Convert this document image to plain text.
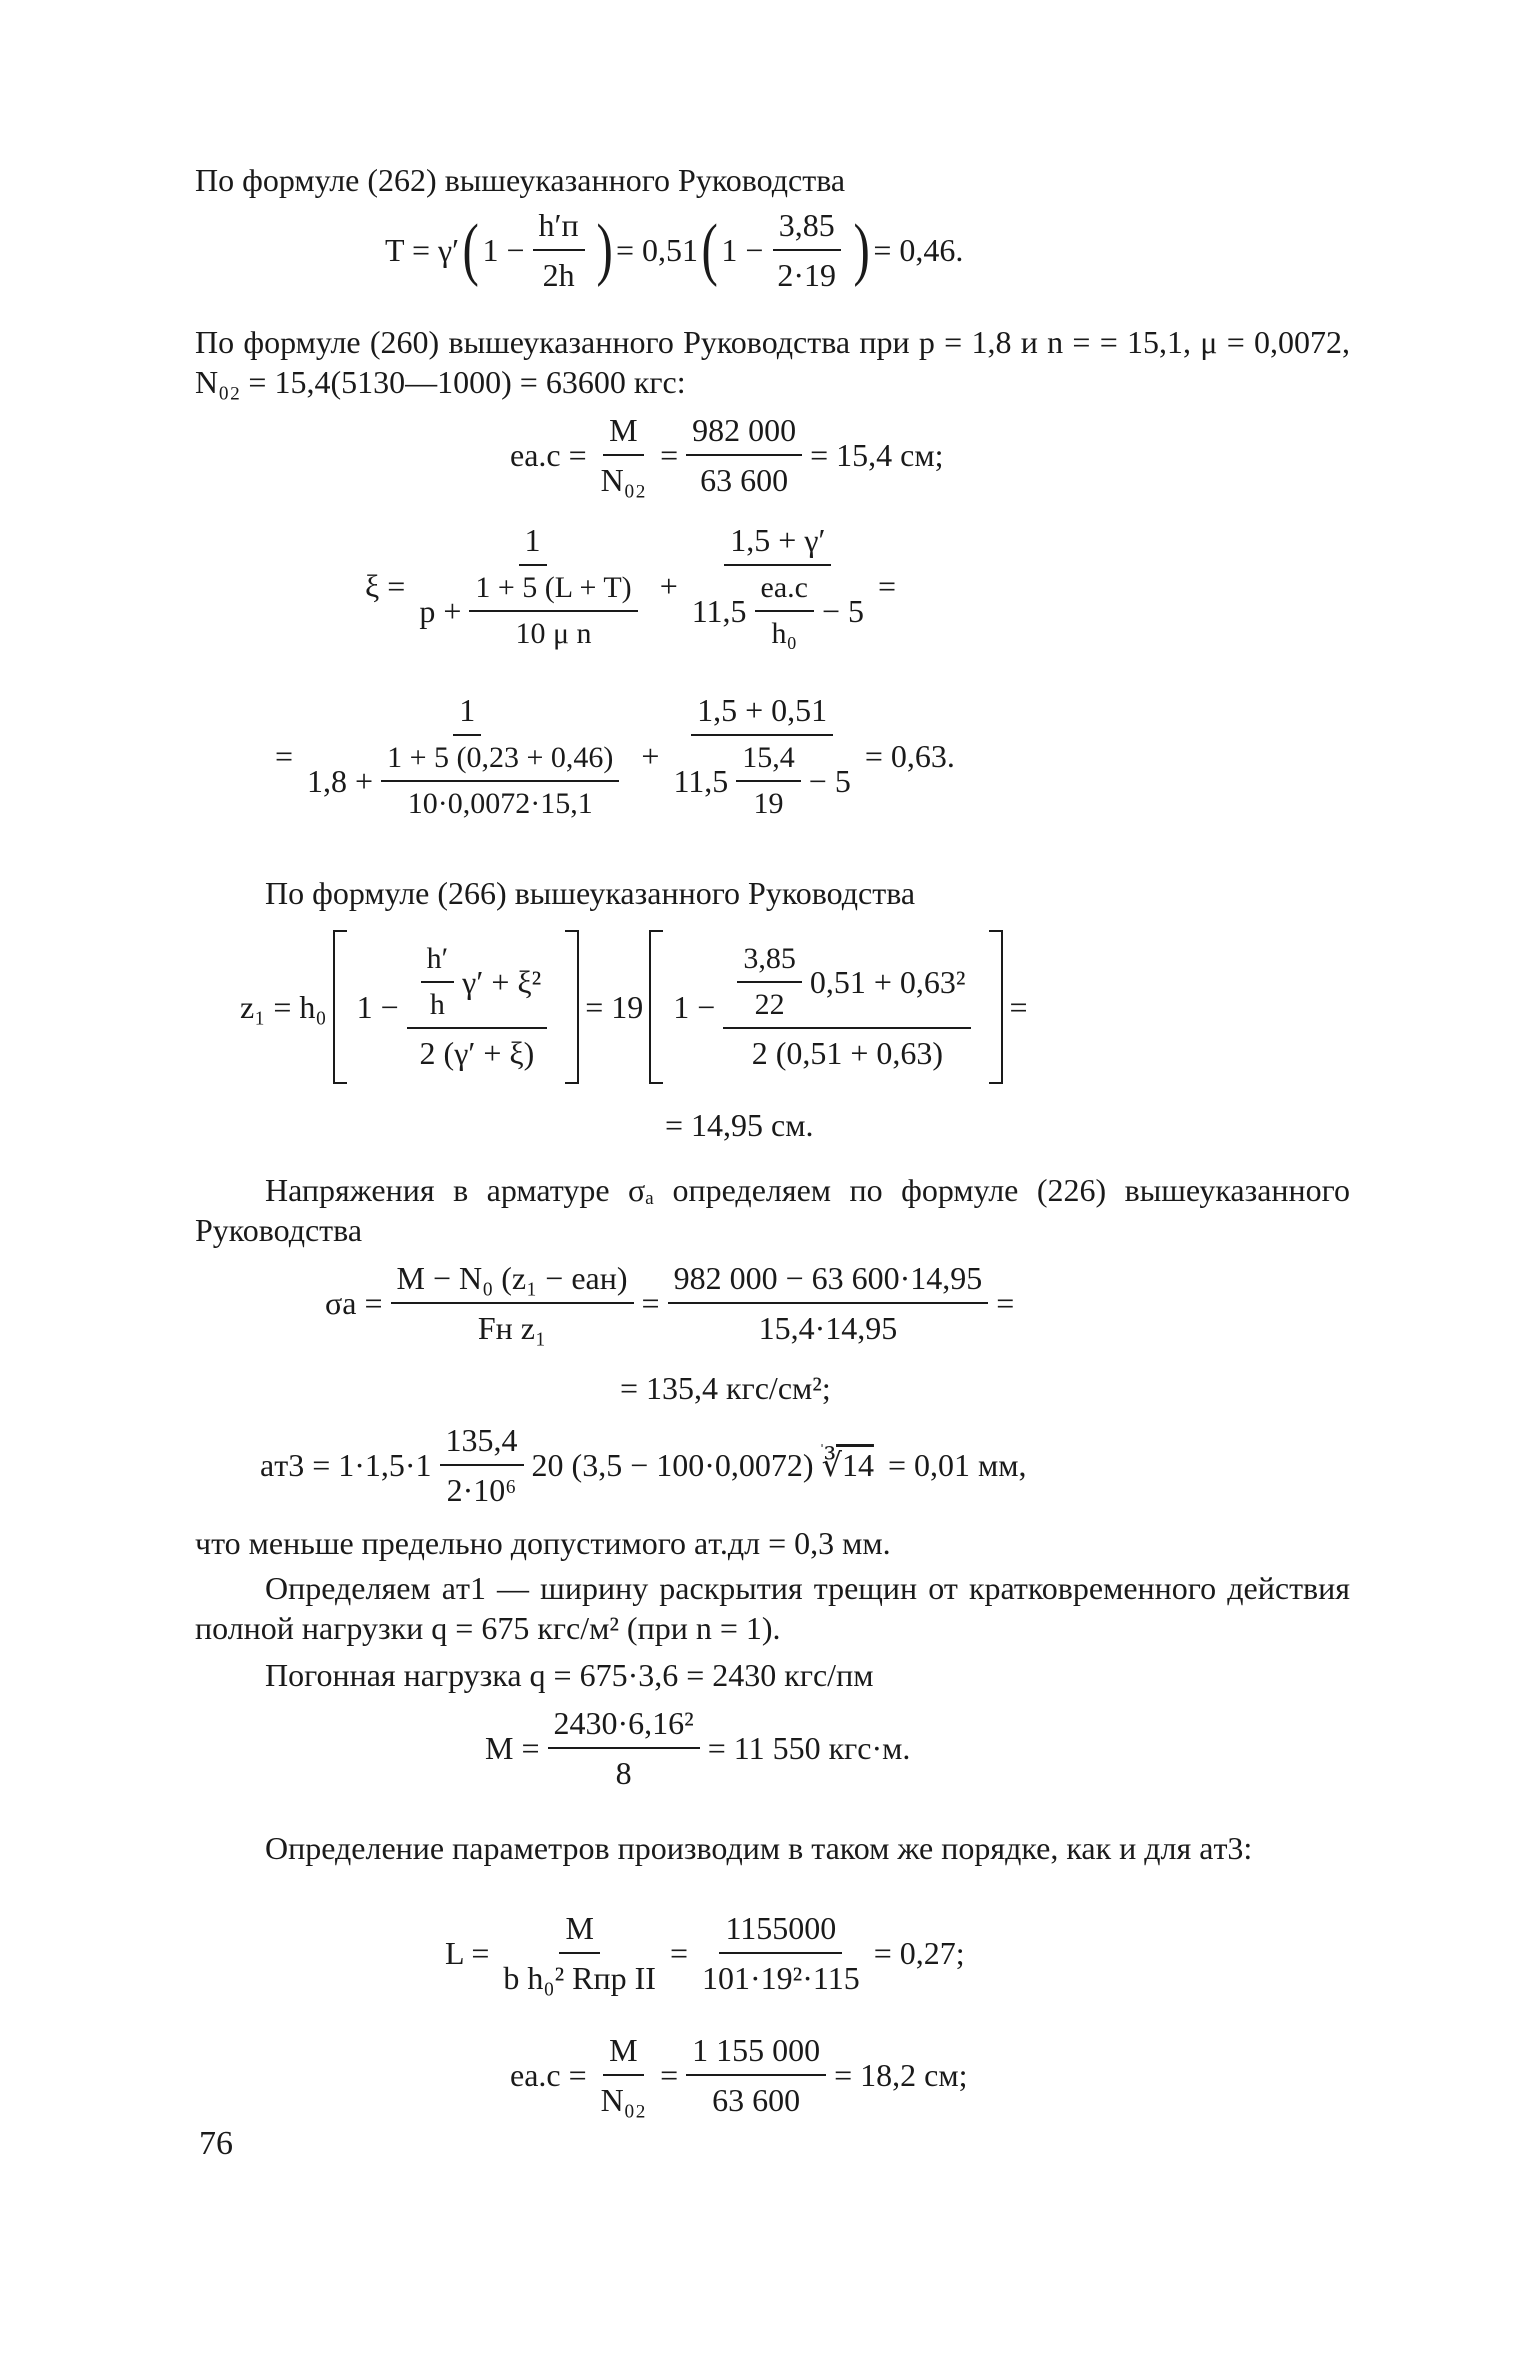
По формуле (262) вышеуказанного Руководства

T = γ′ ( $1 - \frac{h'п}{2h}$ ) = 0,51 ( $1 - \frac{3,85}{2\cdot 19}$ ) = 0,46.

По формуле (260) вышеуказанного Руководства при p = 1,8 и n = = 15,1, μ = 0,0072, N₀₂ = 15,4(5130—1000) = 63600 кгс:

$eа.с = \frac{M}{\text{N₀₂}} = \frac{982 000}{63 600} = 15,4$ см;
$\xi = \frac{1}{p + \frac{1 + 5 (L + T)}{\text{10 μ n}}}$ +
1,5 + γ′
$11,5 \frac{eа.с}{\text{h₀}} - 5$
=
=
1
$1,8 + \frac{1 + 5 (0,23 + 0,46)}{10\cdot 0,0072\cdot 15,1}$ +
1,5 + 0,51
$11,5 \frac{15,4}{19} - 5$
= 0,63.

По формуле (266) вышеуказанного Руководства

z₁ = h₀ $1 - \frac{\frac{h'}{h} \gamma' + \xi^2}{2 (\gamma' + \xi)} = 19$ $1 - \frac{\frac{3,85}{22} 0,51 + 0,63^2}{2 (0,51 + 0,63)}$ =
= 14,95 см.

Напряжения в арматуре σₐ определяем по формуле (226) вышеуказанного Руководства

$\sigma а = \frac{\text{M − N₀ (z₁ − eан)}}{\text{Fн z₁}} = \frac{982 000 - 63 600\cdot 14,95}{15,4\cdot 14,95}$ =
= 135,4 кгс/см²;
$aт3 = 1\cdot 1,5\cdot 1 \frac{135,4}{\text{2·10⁶}} 20$ (3,5 − 100·0,0072) ∛14 = 0,01 мм,

что меньше предельно допустимого aт.дл = 0,3 мм.

Определяем aт1 — ширину раскрытия трещин от кратковременного действия полной нагрузки q = 675 кгс/м² (при n = 1).

Погонная нагрузка q = 675·3,6 = 2430 кгс/пм

$M = \frac{\text{2430·6,16²}}{8} = 11$ 550 кгс·м.

Определение параметров производим в таком же порядке, как и для aт3:

$L = \frac{M}{\text{b h₀² Rпр II}} = \frac{1155000}{\text{101·19²·115}} = 0,27$;
$eа.с = \frac{M}{\text{N₀₂}} = \frac{1 155 000}{63 600} = 18,2$ см;
76
